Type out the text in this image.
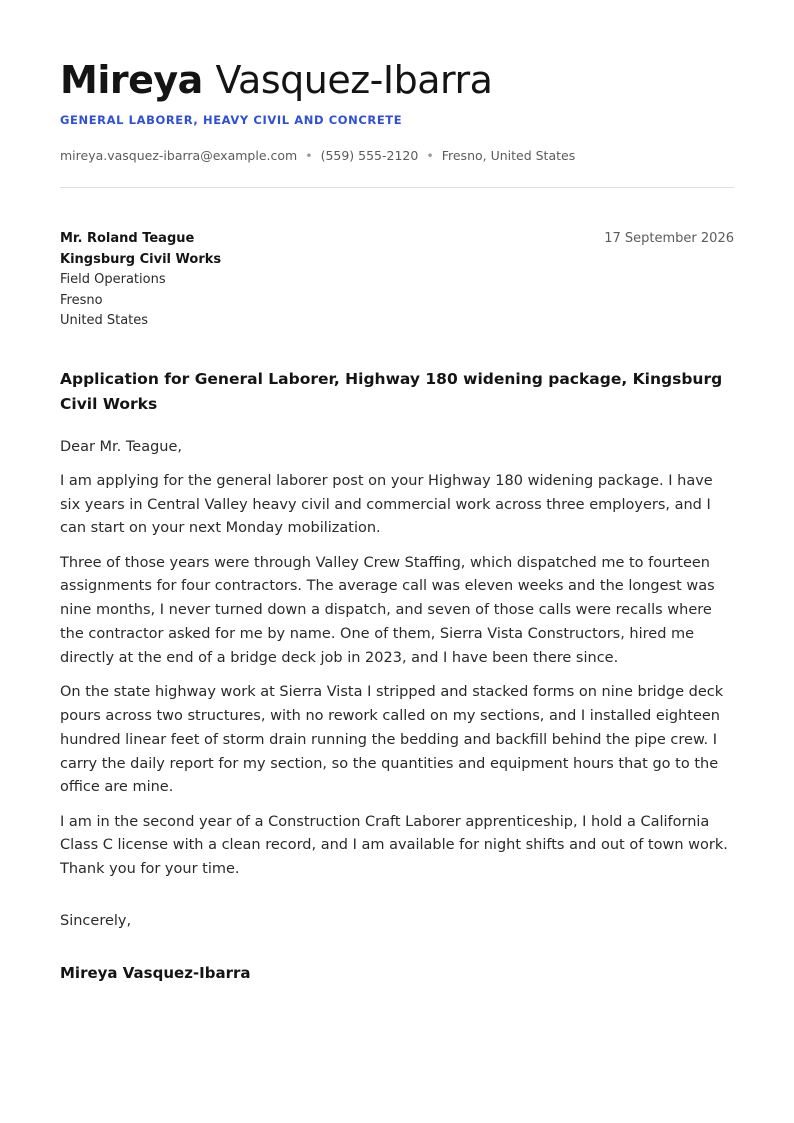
Mireya Vasquez-Ibarra
GENERAL LABORER, HEAVY CIVIL AND CONCRETE
mireya.vasquez-ibarra@example.com • (559) 555-2120 • Fresno, United States
Mr. Roland Teague
Kingsburg Civil Works
Field Operations
Fresno
United States
17 September 2026
Application for General Laborer, Highway 180 widening package, Kingsburg Civil Works

Dear Mr. Teague,

I am applying for the general laborer post on your Highway 180 widening package. I have six years in Central Valley heavy civil and commercial work across three employers, and I can start on your next Monday mobilization.

Three of those years were through Valley Crew Staffing, which dispatched me to fourteen assignments for four contractors. The average call was eleven weeks and the longest was nine months, I never turned down a dispatch, and seven of those calls were recalls where the contractor asked for me by name. One of them, Sierra Vista Constructors, hired me directly at the end of a bridge deck job in 2023, and I have been there since.

On the state highway work at Sierra Vista I stripped and stacked forms on nine bridge deck pours across two structures, with no rework called on my sections, and I installed eighteen hundred linear feet of storm drain running the bedding and backfill behind the pipe crew. I carry the daily report for my section, so the quantities and equipment hours that go to the office are mine.

I am in the second year of a Construction Craft Laborer apprenticeship, I hold a California Class C license with a clean record, and I am available for night shifts and out of town work. Thank you for your time.

Sincerely,
Mireya Vasquez-Ibarra
